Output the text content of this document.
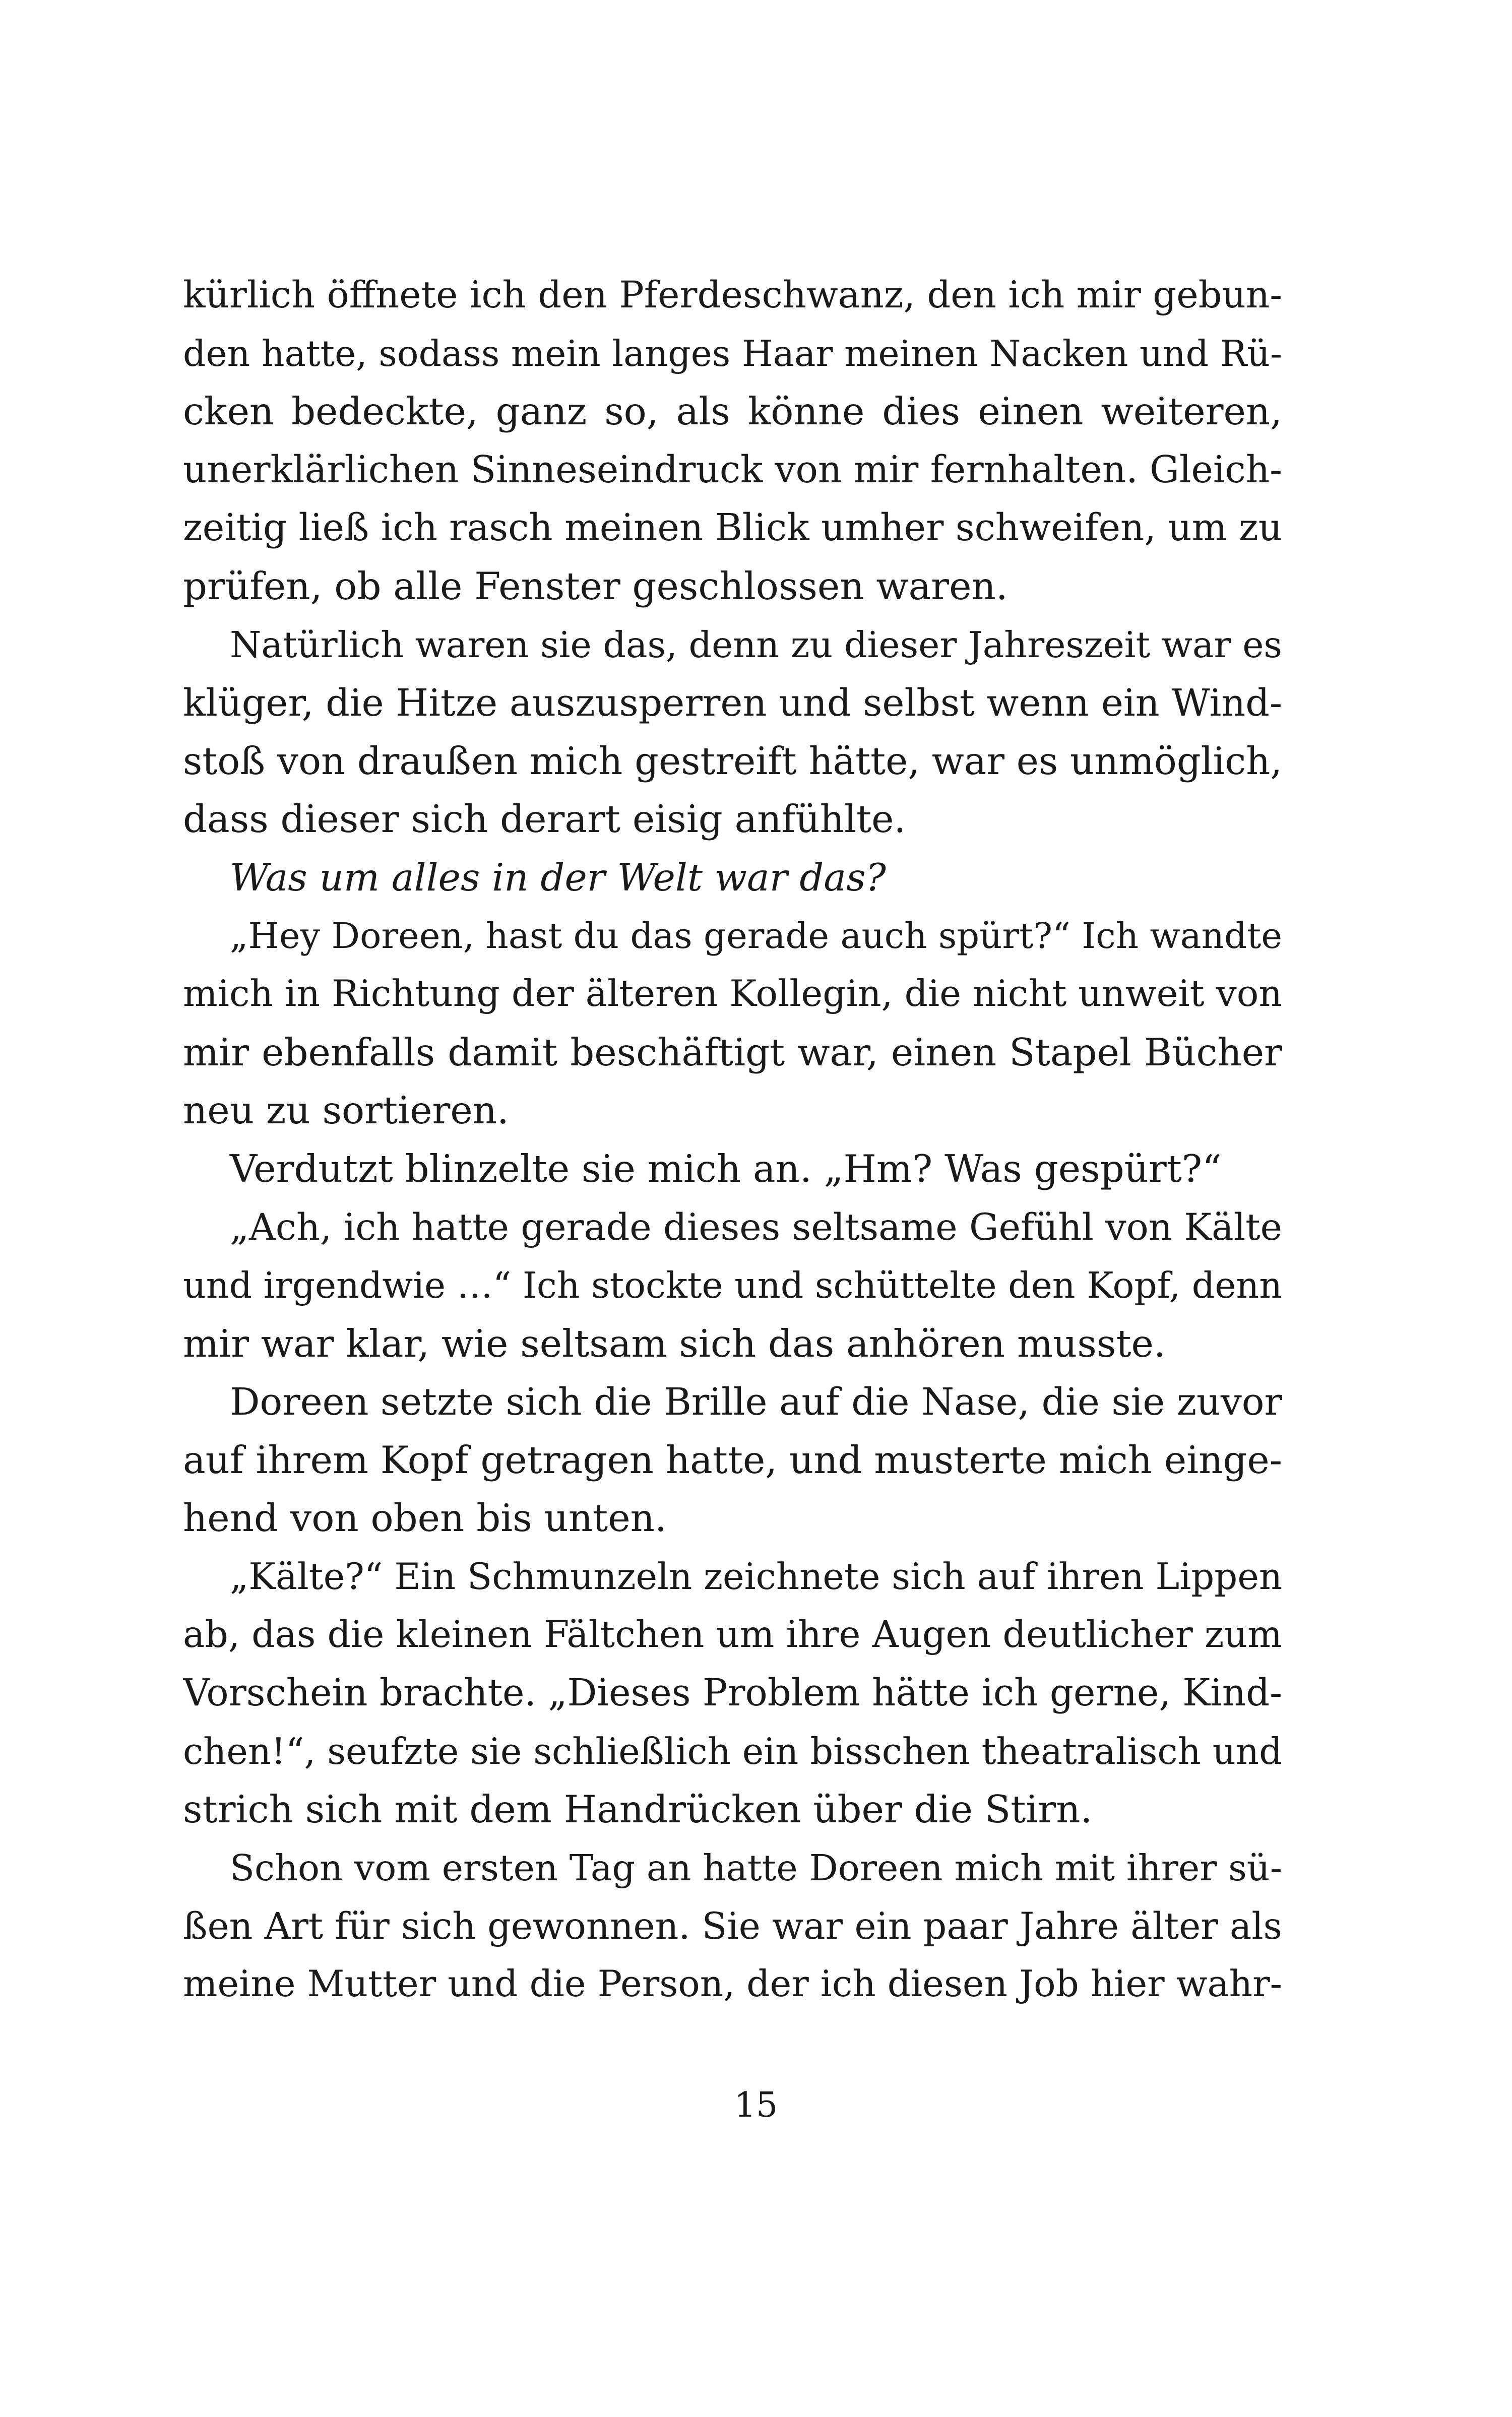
kürlich öffnete ich den Pferdeschwanz, den ich mir gebun-
den hatte, sodass mein langes Haar meinen Nacken und Rü-
cken bedeckte, ganz so, als könne dies einen weiteren,
unerklärlichen Sinneseindruck von mir fernhalten. Gleich-
zeitig ließ ich rasch meinen Blick umher schweifen, um zu
prüfen, ob alle Fenster geschlossen waren.
Natürlich waren sie das, denn zu dieser Jahreszeit war es
klüger, die Hitze auszusperren und selbst wenn ein Wind-
stoß von draußen mich gestreift hätte, war es unmöglich,
dass dieser sich derart eisig anfühlte.
Was um alles in der Welt war das?
„Hey Doreen, hast du das gerade auch spürt?“ Ich wandte
mich in Richtung der älteren Kollegin, die nicht unweit von
mir ebenfalls damit beschäftigt war, einen Stapel Bücher
neu zu sortieren.
Verdutzt blinzelte sie mich an. „Hm? Was gespürt?“
„Ach, ich hatte gerade dieses seltsame Gefühl von Kälte
und irgendwie …“ Ich stockte und schüttelte den Kopf, denn
mir war klar, wie seltsam sich das anhören musste.
Doreen setzte sich die Brille auf die Nase, die sie zuvor
auf ihrem Kopf getragen hatte, und musterte mich einge-
hend von oben bis unten.
„Kälte?“ Ein Schmunzeln zeichnete sich auf ihren Lippen
ab, das die kleinen Fältchen um ihre Augen deutlicher zum
Vorschein brachte. „Dieses Problem hätte ich gerne, Kind-
chen!“, seufzte sie schließlich ein bisschen theatralisch und
strich sich mit dem Handrücken über die Stirn.
Schon vom ersten Tag an hatte Doreen mich mit ihrer sü-
ßen Art für sich gewonnen. Sie war ein paar Jahre älter als
meine Mutter und die Person, der ich diesen Job hier wahr-
15
